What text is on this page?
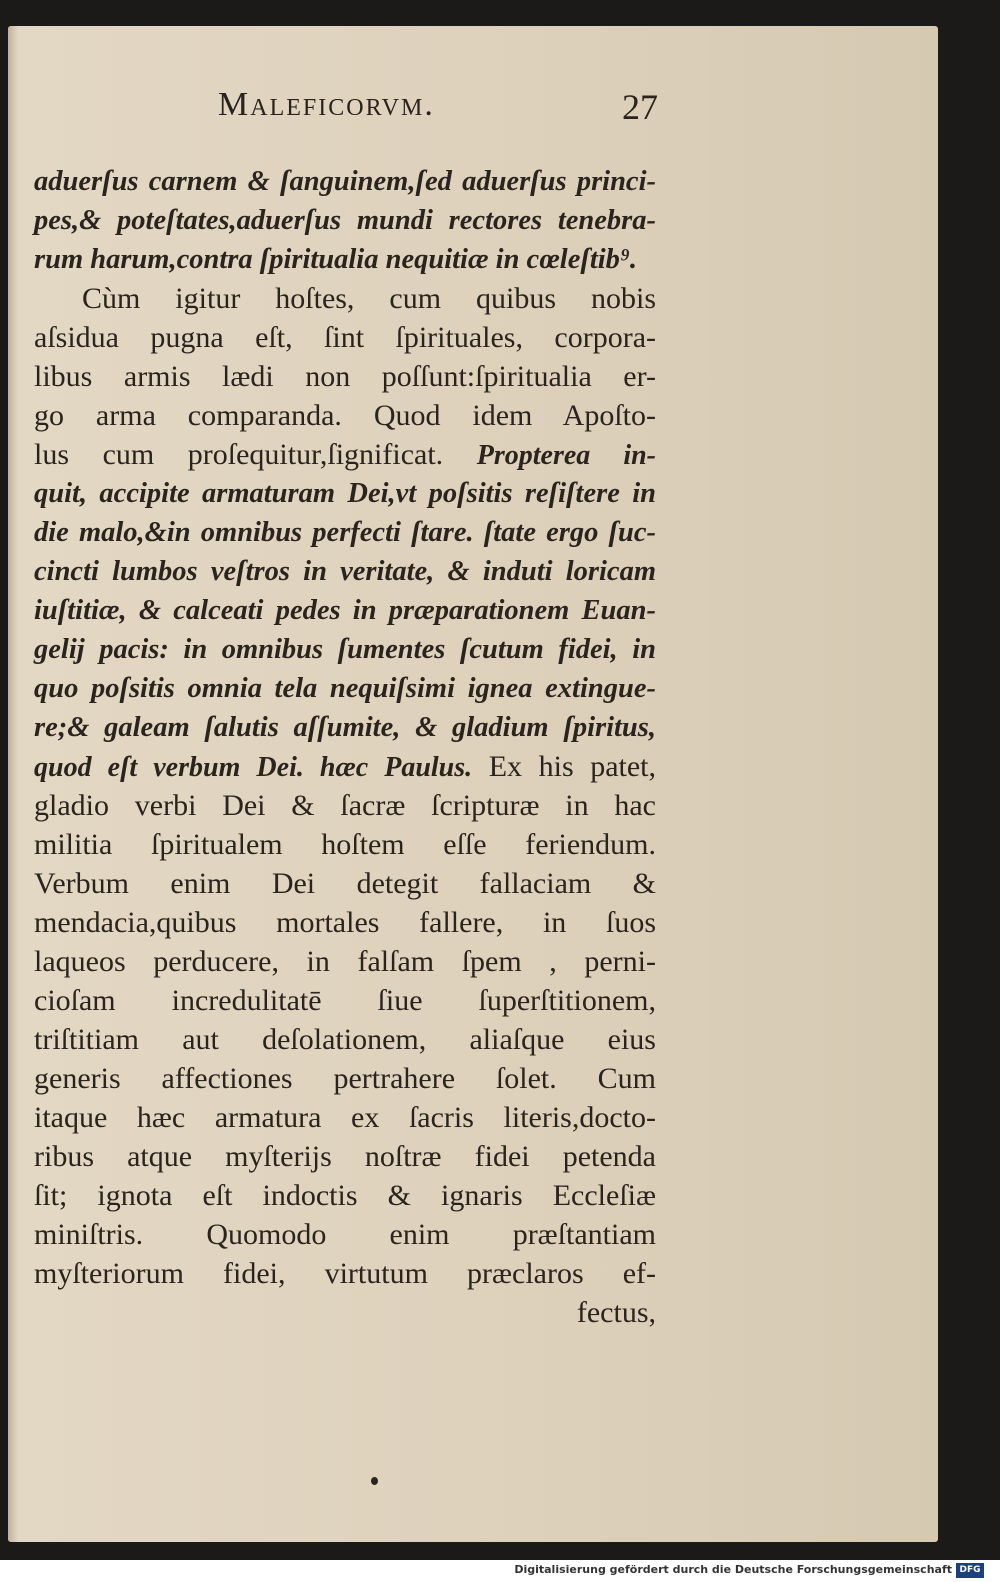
Maleficorvm.	27
aduerſus carnem & ſanguinem,ſed aduerſus princi-
pes,& poteſtates,aduerſus mundi rectores tenebra-
rum harum,contra ſpiritualia nequitiæ in cœleſtib⁹.
Cùm igitur hoſtes, cum quibus nobis
aſsidua pugna eſt, ſint ſpirituales, corpora-
libus armis lædi non poſſunt:ſpiritualia er-
go arma comparanda. Quod idem Apoſto-
lus cum proſequitur,ſignificat. Propterea in-
quit, accipite armaturam Dei,vt poſsitis reſiſtere in
die malo,&in omnibus perfecti ſtare. ſtate ergo ſuc-
cincti lumbos veſtros in veritate, & induti loricam
iuſtitiæ, & calceati pedes in præparationem Euan-
gelij pacis: in omnibus ſumentes ſcutum fidei, in
quo poſsitis omnia tela nequiſsimi ignea extingue-
re;& galeam ſalutis aſſumite, & gladium ſpiritus,
quod eſt verbum Dei. hæc Paulus. Ex his patet,
gladio verbi Dei & ſacræ ſcripturæ in hac
militia ſpiritualem hoſtem eſſe feriendum.
Verbum enim Dei detegit fallaciam &
mendacia,quibus mortales fallere, in ſuos
laqueos perducere, in falſam ſpem , perni-
cioſam incredulitatē ſiue ſuperſtitionem,
triſtitiam aut deſolationem, aliaſque eius
generis affectiones pertrahere ſolet. Cum
itaque hæc armatura ex ſacris literis,docto-
ribus atque myſterijs noſtræ fidei petenda
ſit; ignota eſt indoctis & ignaris Eccleſiæ
miniſtris. Quomodo enim præſtantiam
myſteriorum fidei, virtutum præclaros ef-
fectus,
Digitalisierung gefördert durch die Deutsche Forschungsgemeinschaft DFG
